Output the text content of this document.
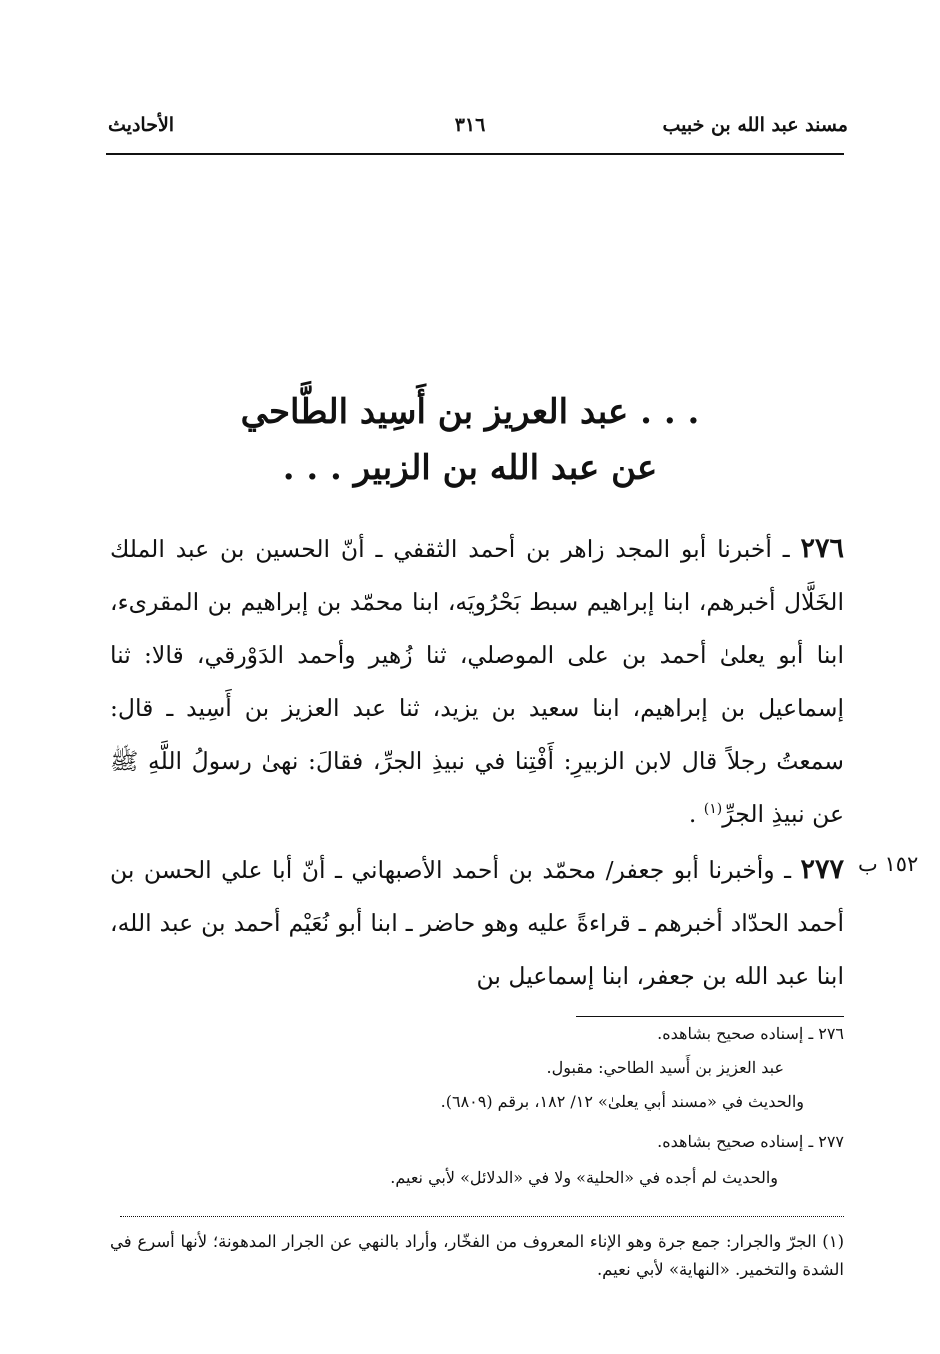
مسند عبد الله بن خبيب
٣١٦
الأحاديث
. . . عبد العريز بن أَسِيد الطَّاحي
عن عبد الله بن الزبير . . .
٢٧٦ ـ أخبرنا أبو المجد زاهر بن أحمد الثقفي ـ أنّ الحسين بن عبد الملك الخَلَّال أخبرهم، ابنا إبراهيم سبط بَحْرُويَه، ابنا محمّد بن إبراهيم بن المقرىء، ابنا أبو يعلىٰ أحمد بن على الموصلي، ثنا زُهير وأحمد الدَوْرقي، قالا: ثنا إسماعيل بن إبراهيم، ابنا سعيد بن يزيد، ثنا عبد العزيز بن أَسِيد ـ قال: سمعتُ رجلاً قال لابن الزبيرِ: أَفْتِنا في نبيذِ الجرِّ، فقالَ: نهىٰ رسولُ اللَّهِ ﷺ عن نبيذِ الجرِّ$^{(١)}$ .
١٥٢ ب
٢٧٧ ـ وأخبرنا أبو جعفر/ محمّد بن أحمد الأصبهاني ـ أنّ أبا علي الحسن بن أحمد الحدّاد أخبرهم ـ قراءةً عليه وهو حاضر ـ ابنا أبو نُعَيْم أحمد بن عبد الله، ابنا عبد الله بن جعفر، ابنا إسماعيل بن
٢٧٦ ـ إسناده صحيح بشاهده.
عبد العزيز بن أَسيد الطاحي: مقبول.
والحديث في «مسند أبي يعلىٰ» ١٢/ ١٨٢، برقم (٦٨٠٩).
٢٧٧ ـ إسناده صحيح بشاهده.
والحديث لم أجده في «الحلية» ولا في «الدلائل» لأبي نعيم.
(١) الجرّ والجرار: جمع جرة وهو الإناء المعروف من الفخّار، وأراد بالنهي عن الجرار المدهونة؛ لأنها أسرع في الشدة والتخمير. «النهاية» لأبي نعيم.
